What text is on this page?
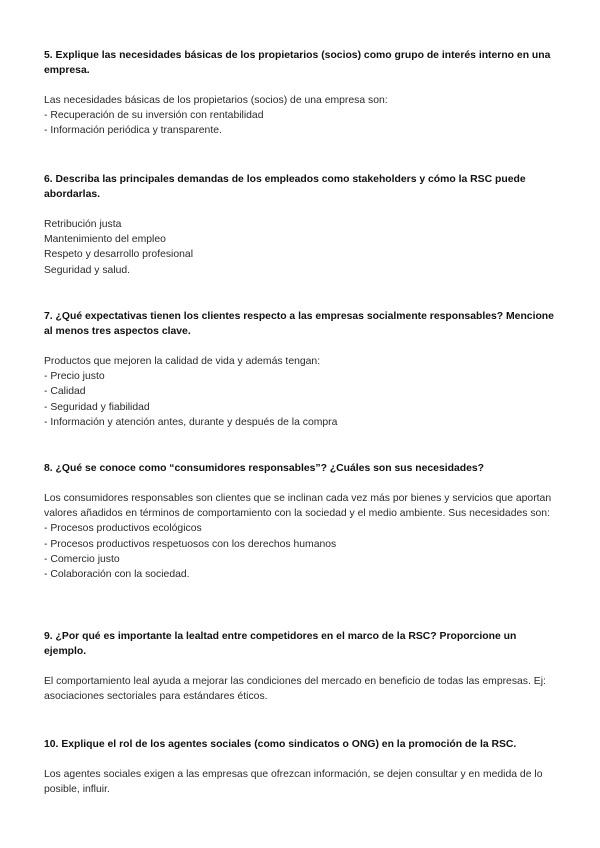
5. Explique las necesidades básicas de los propietarios (socios) como grupo de interés interno en una empresa.

Las necesidades básicas de los propietarios (socios) de una empresa son:

- Recuperación de su inversión con rentabilidad

- Información periódica y transparente.

6. Describa las principales demandas de los empleados como stakeholders y cómo la RSC puede abordarlas.

Retribución justa

Mantenimiento del empleo

Respeto y desarrollo profesional

Seguridad y salud.

7. ¿Qué expectativas tienen los clientes respecto a las empresas socialmente responsables? Mencione al menos tres aspectos clave.

Productos que mejoren la calidad de vida y además tengan:

- Precio justo

- Calidad

- Seguridad y fiabilidad

- Información y atención antes, durante y después de la compra

8. ¿Qué se conoce como “consumidores responsables”? ¿Cuáles son sus necesidades?

Los consumidores responsables son clientes que se inclinan cada vez más por bienes y servicios que aportan valores añadidos en términos de comportamiento con la sociedad y el medio ambiente. Sus necesidades son:

- Procesos productivos ecológicos

- Procesos productivos respetuosos con los derechos humanos

- Comercio justo

- Colaboración con la sociedad.

9. ¿Por qué es importante la lealtad entre competidores en el marco de la RSC? Proporcione un ejemplo.

El comportamiento leal ayuda a mejorar las condiciones del mercado en beneficio de todas las empresas. Ej: asociaciones sectoriales para estándares éticos.

10. Explique el rol de los agentes sociales (como sindicatos o ONG) en la promoción de la RSC.

Los agentes sociales exigen a las empresas que ofrezcan información, se dejen consultar y en medida de lo posible, influir.
